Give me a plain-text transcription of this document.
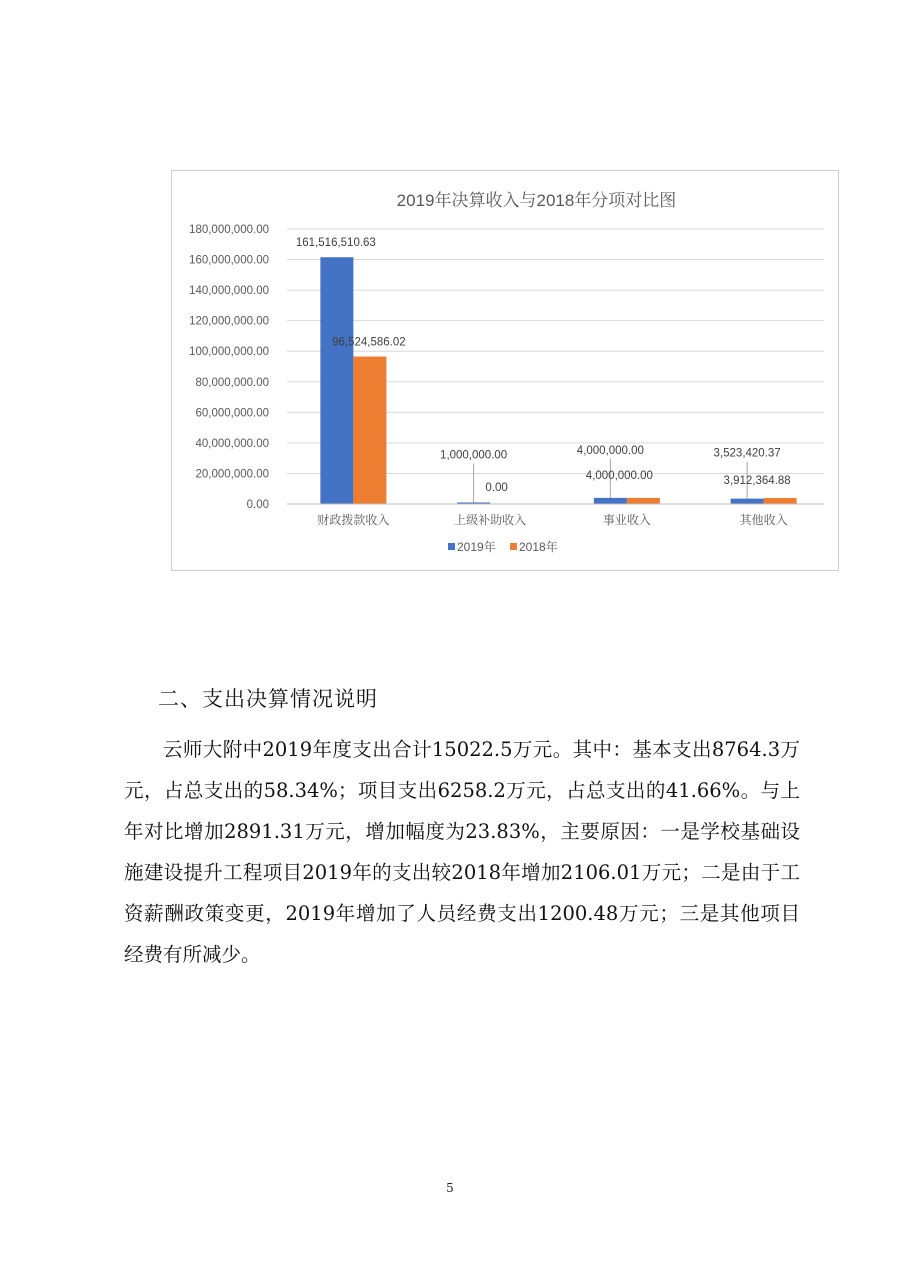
2019年决算收入与2018年分项对比图
0.00
20,000,000.00
40,000,000.00
60,000,000.00
80,000,000.00
100,000,000.00
120,000,000.00
140,000,000.00
160,000,000.00
180,000,000.00
161,516,510.63
96,524,586.02
财政拨款收入
1,000,000.00
0.00
上级补助收入
4,000,000.00
4,000,000.00
事业收入
3,523,420.37
3,912,364.88
其他收入
2019年 2018年
二、支出决算情况说明
云师大附中2019年度支出合计15022.5万元。其中：基本支出8764.3万元，占总支出的58.34%；项目支出6258.2万元，占总支出的41.66%。与上年对比增加2891.31万元，增加幅度为23.83%，主要原因：一是学校基础设施建设提升工程项目2019年的支出较2018年增加2106.01万元；二是由于工资薪酬政策变更，2019年增加了人员经费支出1200.48万元；三是其他项目经费有所减少。
5
